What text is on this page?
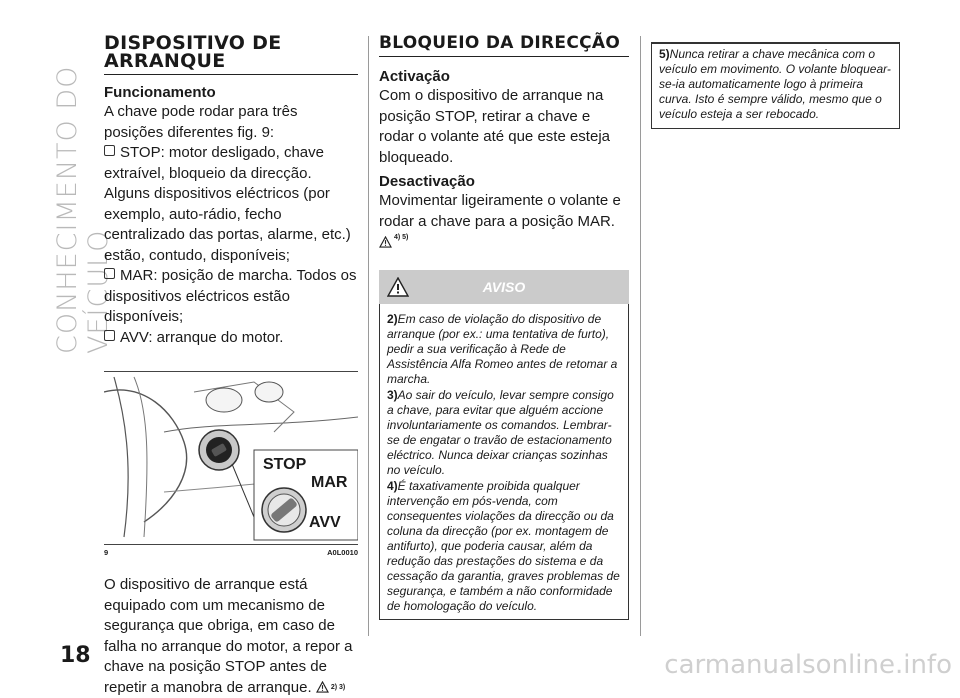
CONHECIMENTO DO VEÍCULO
DISPOSITIVO DE
ARRANQUE
Funcionamento

A chave pode rodar para três posições diferentes fig. 9:

STOP: motor desligado, chave extraível, bloqueio da direcção. Alguns dispositivos eléctricos (por exemplo, auto-rádio, fecho centralizado das portas, alarme, etc.) estão, contudo, disponíveis;

MAR: posição de marcha. Todos os dispositivos eléctricos estão disponíveis;

AVV: arranque do motor.

STOP
MAR
AVV
9	A0L0010

O dispositivo de arranque está equipado com um mecanismo de segurança que obriga, em caso de falha no arranque do motor, a repor a chave na posição STOP antes de repetir a manobra de arranque.	$^{2) 3)}$

BLOQUEIO DA DIRECÇÃO
Activação

Com o dispositivo de arranque na posição STOP, retirar a chave e rodar o volante até que este esteja bloqueado.

Desactivação

Movimentar ligeiramente o volante e rodar a chave para a posição MAR.

$^{4) 5)}$
AVISO

2)Em caso de violação do dispositivo de arranque (por ex.: uma tentativa de furto), pedir a sua verificação à Rede de Assistência Alfa Romeo antes de retomar a marcha.

3)Ao sair do veículo, levar sempre consigo a chave, para evitar que alguém accione involuntariamente os comandos. Lembrar-se de engatar o travão de estacionamento eléctrico. Nunca deixar crianças sozinhas no veículo.

4)É taxativamente proibida qualquer intervenção em pós-venda, com consequentes violações da direcção ou da coluna da direcção (por ex. montagem de antifurto), que poderia causar, além da redução das prestações do sistema e da cessação da garantia, graves problemas de segurança, e também a não conformidade de homologação do veículo.

5)Nunca retirar a chave mecânica com o veículo em movimento. O volante bloquear-se-ia automaticamente logo à primeira curva. Isto é sempre válido, mesmo que o veículo esteja a ser rebocado.
18	carmanualsonline.info
